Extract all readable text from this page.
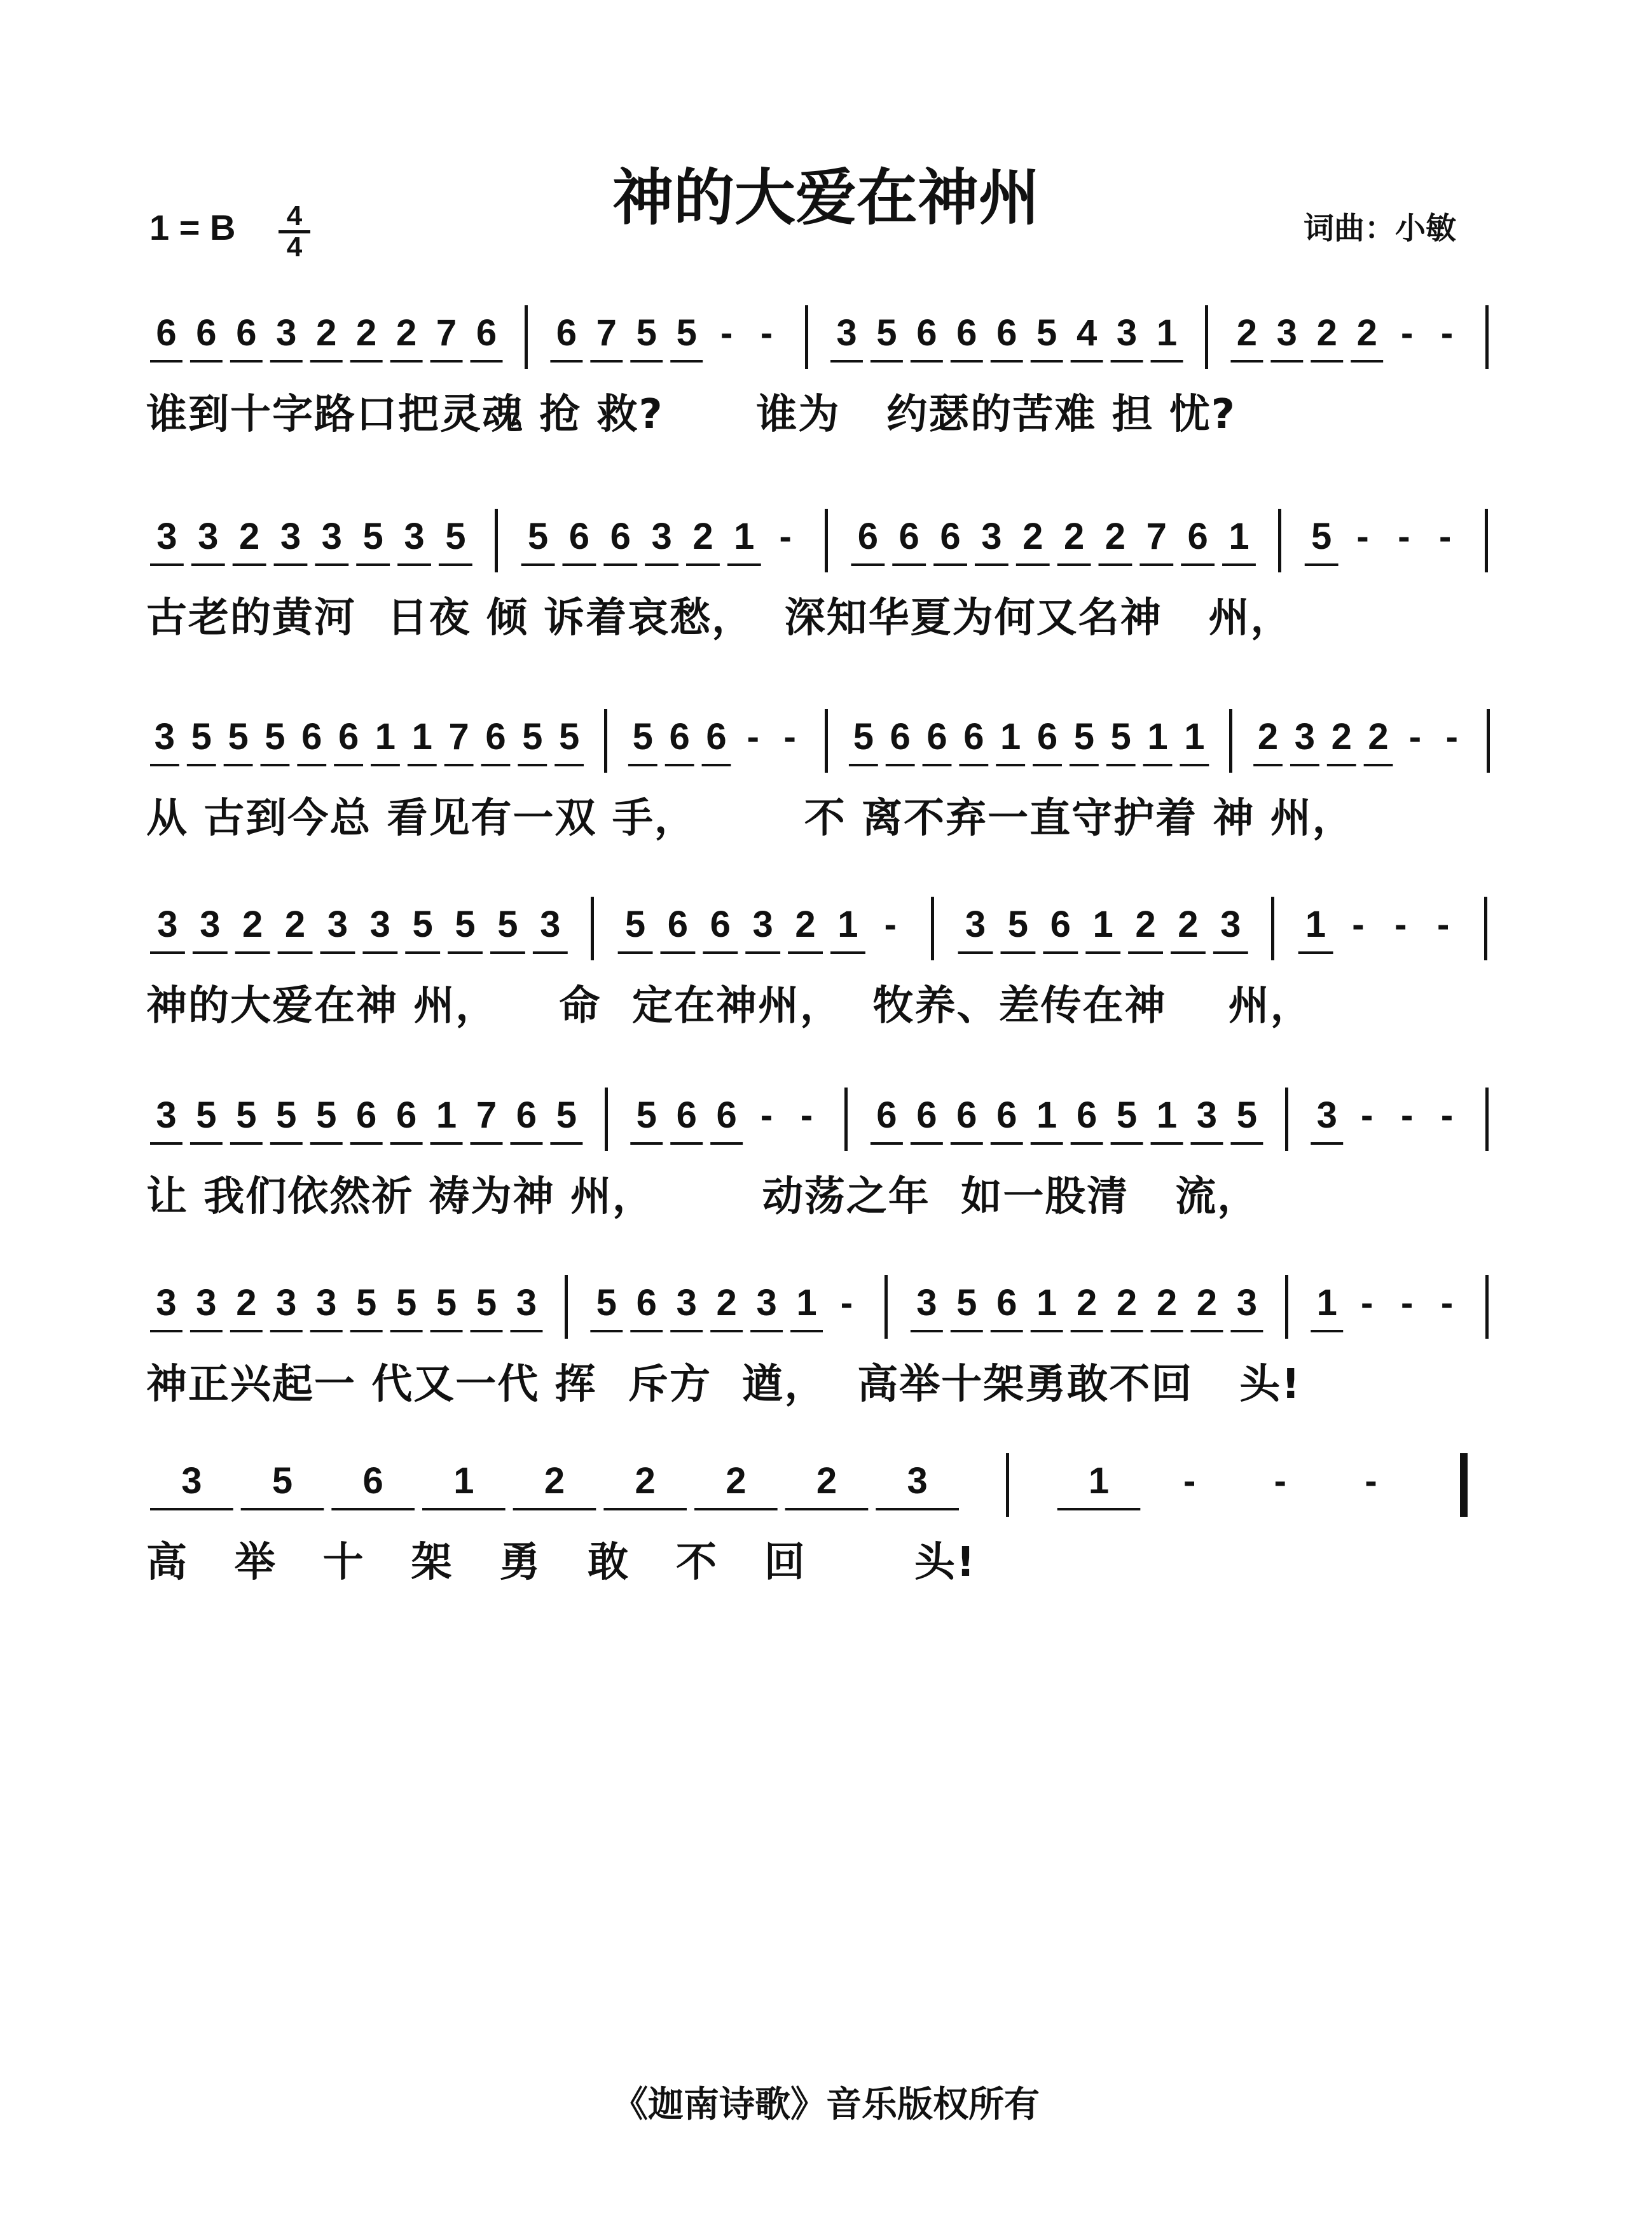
神的大爱在神州
1 = B 4
4
词曲：小敏
6 6 6 3 2 2 2 7 6 6 7 5 5 - - 3 5 6 6 6 5 4 3 1 2 3 2 2 - -
谁到十字路口把灵魂 抢 救?      谁为   约瑟的苦难 担 忧?
3 3 2 3 3 5 3 5 5 6 6 3 2 1 - 6 6 6 3 2 2 2 7 6 1 5 - - -
古老的黄河  日夜 倾 诉着哀愁，  深知华夏为何又名神   州，
3 5 5 5 6 6 1 1 7 6 5 5 5 6 6 - - 5 6 6 6 1 6 5 5 1 1 2 3 2 2 - -
从 古到今总 看见有一双 手，       不 离不弃一直守护着 神 州，
3 3 2 2 3 3 5 5 5 3 5 6 6 3 2 1 - 3 5 6 1 2 2 3 1 - - -
神的大爱在神 州，    命  定在神州，  牧养、差传在神    州，
3 5 5 5 5 6 6 1 7 6 5 5 6 6 - - 6 6 6 6 1 6 5 1 3 5 3 - - -
让 我们依然祈 祷为神 州，       动荡之年  如一股清   流，
3 3 2 3 3 5 5 5 5 3 5 6 3 2 3 1 - 3 5 6 1 2 2 2 2 3 1 - - -
神正兴起一 代又一代 挥  斥方  遒，  高举十架勇敢不回   头!
3 5 6 1 2 2 2 2 3	1 - - -
高   举   十   架   勇   敢   不   回       头!
《迦南诗歌》音乐版权所有
